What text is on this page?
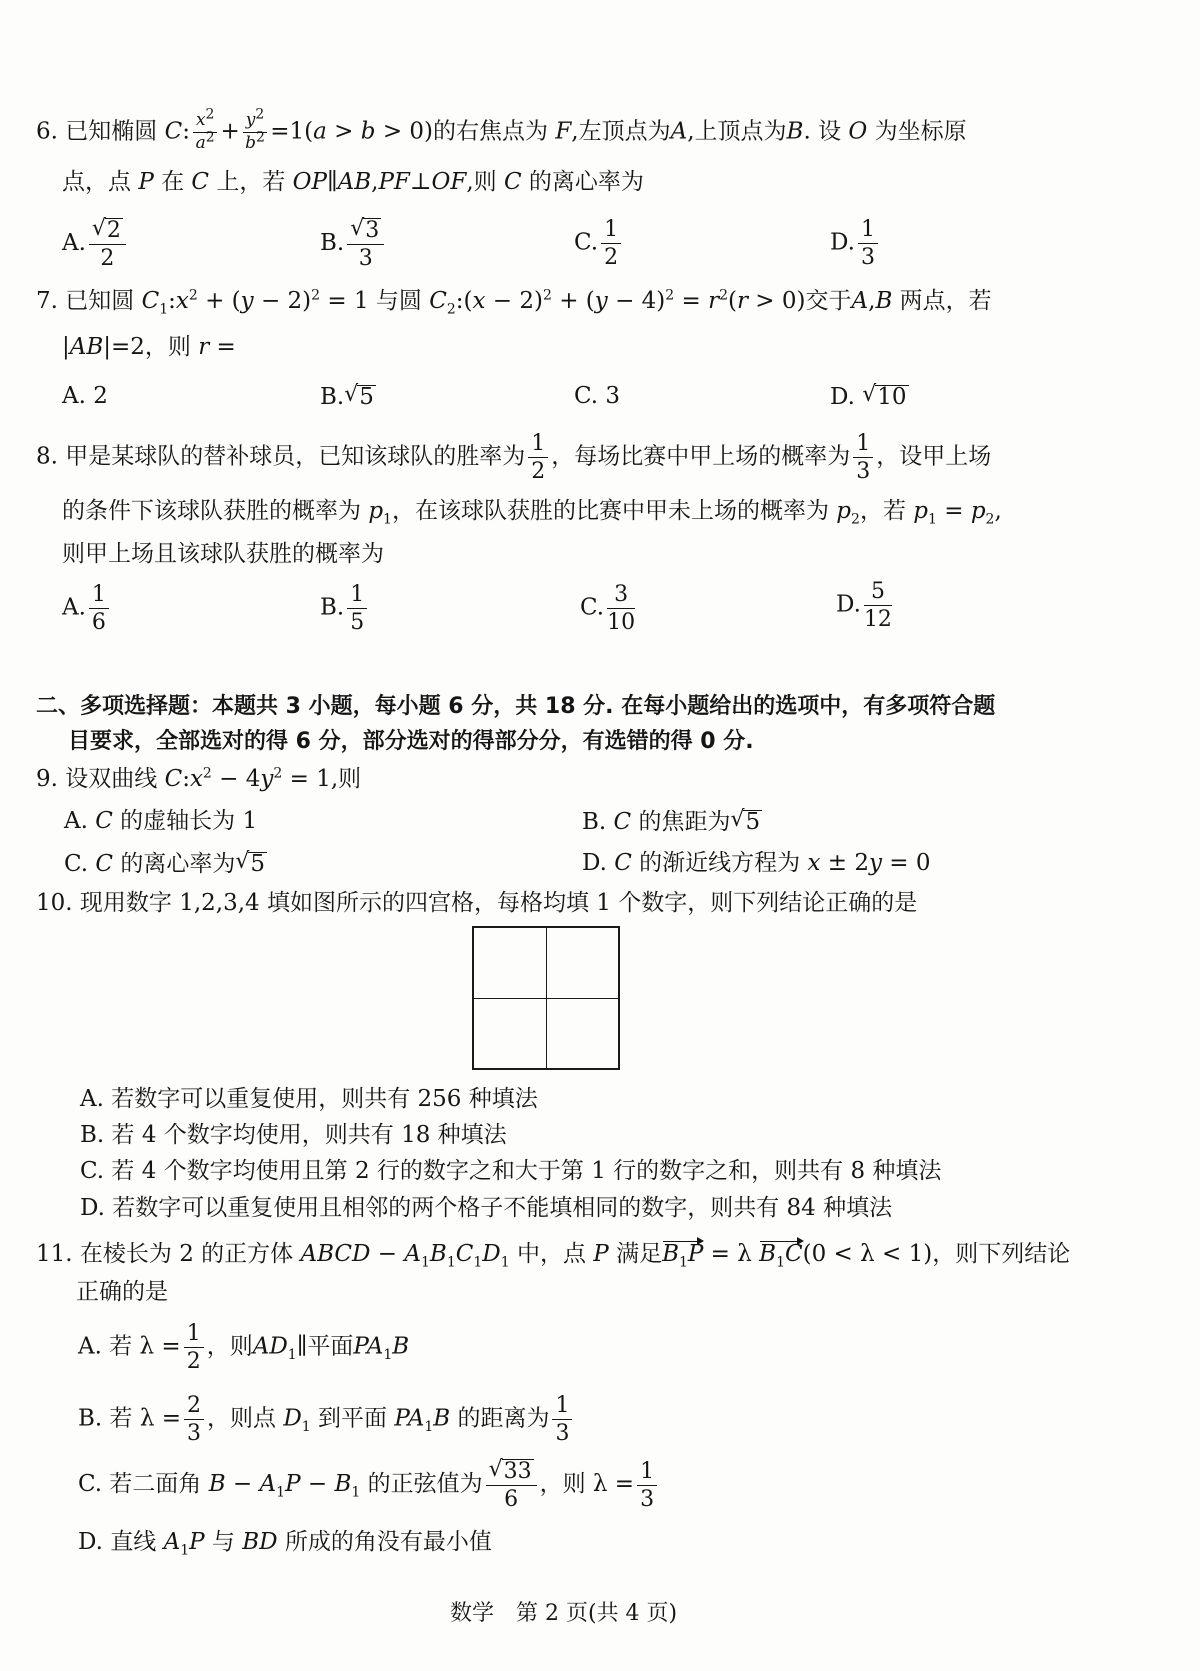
6. 已知椭圆 C: $\frac{x^2}{a^2} + \frac{y^2}{b^2} =1(a > b > 0)$的右焦点为 F,左顶点为A,上顶点为B. 设 O 为坐标原
点，点 P 在 C 上，若 OP∥AB,PF⊥OF,则 C 的离心率为
A. $\frac{√ 2}{2}$	B. $\frac{√ 3}{3}$	C. $\frac{1}{2}$	D. $\frac{1}{3}$
7. 已知圆 $C_1:x^2 + (y - 2)^2 = 1$ 与圆 $C_2:(x - 2)^2 + (y - 4)^2 = r^2(r > 0)$交于A,B 两点，若
|AB|=2，则 r =
A. 2	B. √ 5	C. 3	D. √ 10
8. 甲是某球队的替补球员，已知该球队的胜率为 $\frac{1}{2}$ ，每场比赛中甲上场的概率为 $\frac{1}{3}$ ，设甲上场
的条件下该球队获胜的概率为 $p_1$，在该球队获胜的比赛中甲未上场的概率为 $p_2$，若 $p_1 = p_2$,
则甲上场且该球队获胜的概率为
A. $\frac{1}{6}$	B. $\frac{1}{5}$	C. $\frac{3}{10}$	D. $\frac{5}{12}$
二、多项选择题：本题共 3 小题，每小题 6 分，共 18 分. 在每小题给出的选项中，有多项符合题
目要求，全部选对的得 6 分，部分选对的得部分分，有选错的得 0 分.
9. 设双曲线 $C:x^2 - 4y^2 = 1$,则
A. C 的虚轴长为 1	B. C 的焦距为 √ 5
C. C 的离心率为 √ 5	D. C 的渐近线方程为 x ± 2y = 0
10. 现用数字 1,2,3,4 填如图所示的四宫格，每格均填 1 个数字，则下列结论正确的是
A. 若数字可以重复使用，则共有 256 种填法
B. 若 4 个数字均使用，则共有 18 种填法
C. 若 4 个数字均使用且第 2 行的数字之和大于第 1 行的数字之和，则共有 8 种填法
D. 若数字可以重复使用且相邻的两个格子不能填相同的数字，则共有 84 种填法
11. 在棱长为 2 的正方体 ABCD − $A_1B_1C_1D_1$ 中，点 P 满足$B_1P = \lambda$ $B_1C(0 < \lambda < 1)$，则下列结论
正确的是
A. 若 $\lambda = \frac{1}{2}$ ，则$AD_1\parallel$平面$PA_1B$
B. 若 $\lambda = \frac{2}{3}$ ，则点 $D_1$ 到平面 $PA_1B$ 的距离为 $\frac{1}{3}$
C. 若二面角 $B - A_1P - B_1$ 的正弦值为 $\frac{√ 33}{6}$ ，则 $\lambda = \frac{1}{3}$
D. 直线 $A_1P$ 与 BD 所成的角没有最小值
数学　第 2 页(共 4 页)
